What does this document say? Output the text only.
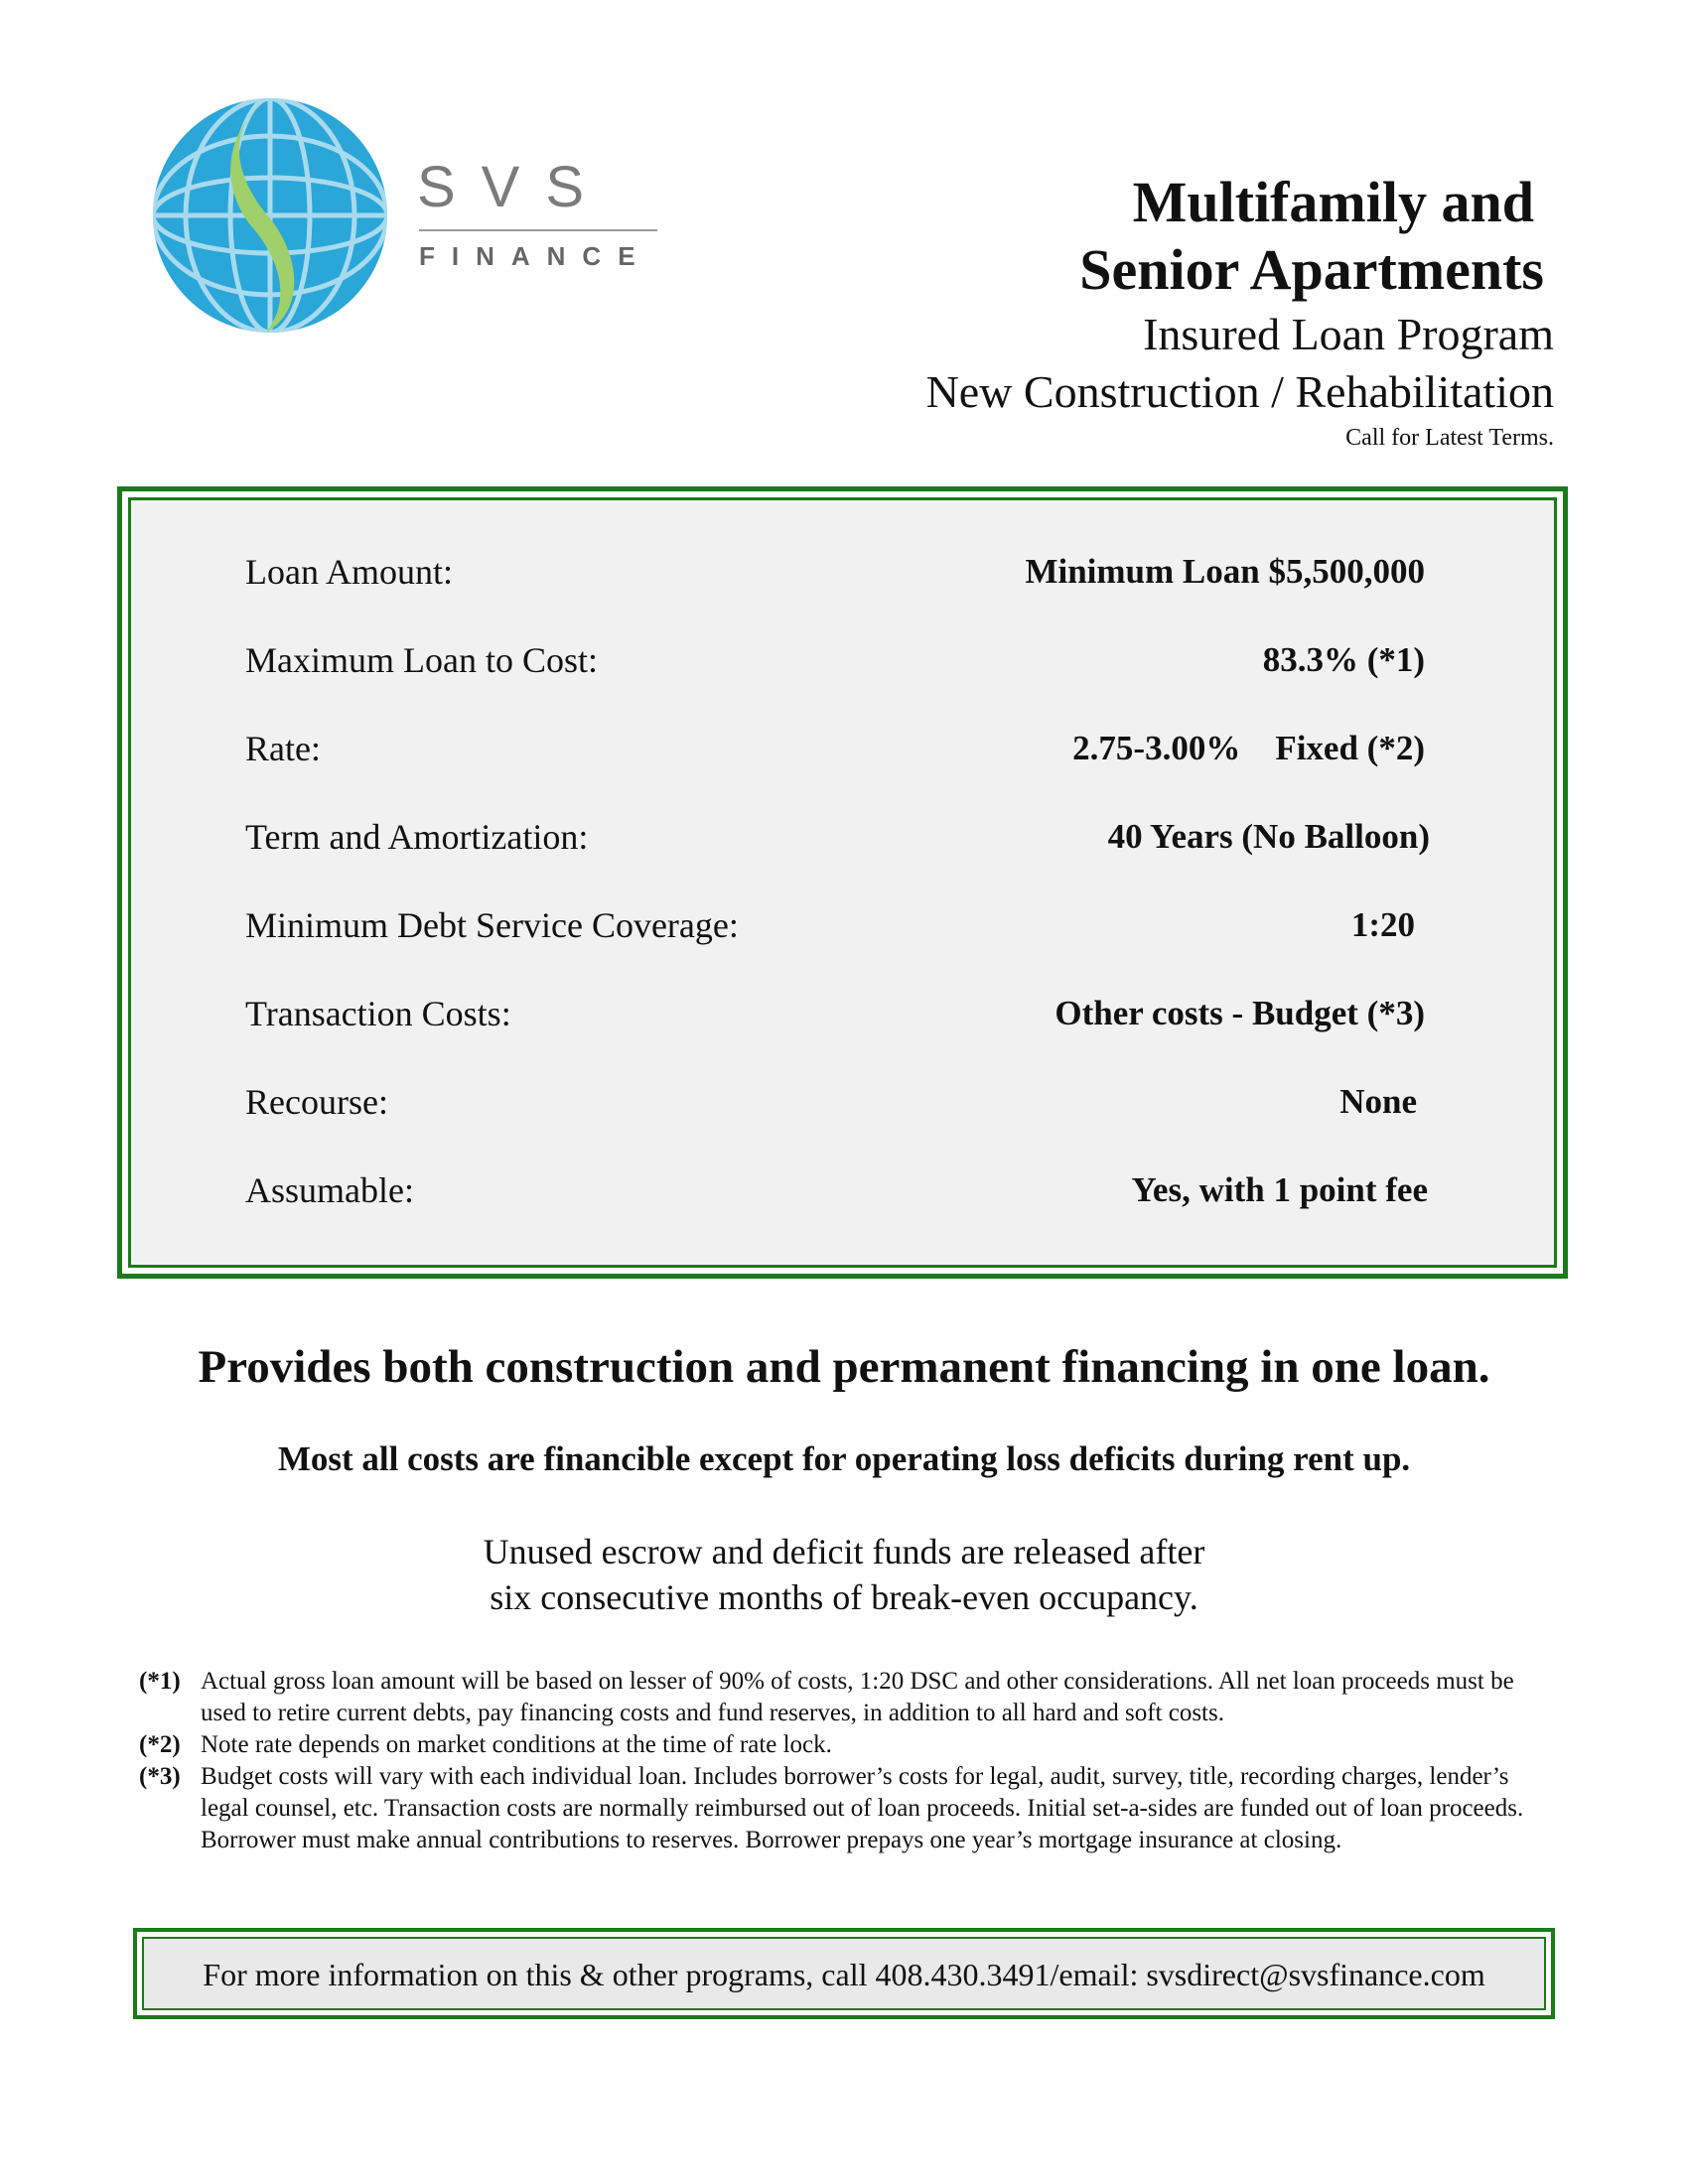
SVS
FINANCE
Multifamily and
Senior Apartments
Insured Loan Program
New Construction / Rehabilitation
Call for Latest Terms.
Loan Amount:	Minimum Loan $5,500,000
Maximum Loan to Cost:	83.3% (*1)
Rate:	2.75-3.00%    Fixed (*2)
Term and Amortization:	40 Years (No Balloon)
Minimum Debt Service Coverage:	1:20
Transaction Costs:	Other costs - Budget (*3)
Recourse:	None
Assumable:	Yes, with 1 point fee
Provides both construction and permanent financing in one loan.
Most all costs are financible except for operating loss deficits during rent up.
Unused escrow and deficit funds are released after
six consecutive months of break-even occupancy.
(*1) Actual gross loan amount will be based on lesser of 90% of costs, 1:20 DSC and other considerations. All net loan proceeds must be used to retire current debts, pay financing costs and fund reserves, in addition to all hard and soft costs.
(*2) Note rate depends on market conditions at the time of rate lock.
(*3) Budget costs will vary with each individual loan. Includes borrower’s costs for legal, audit, survey, title, recording charges, lender’s legal counsel, etc. Transaction costs are normally reimbursed out of loan proceeds. Initial set-a-sides are funded out of loan proceeds. Borrower must make annual contributions to reserves. Borrower prepays one year’s mortgage insurance at closing.
For more information on this & other programs, call 408.430.3491/email: svsdirect@svsfinance.com
